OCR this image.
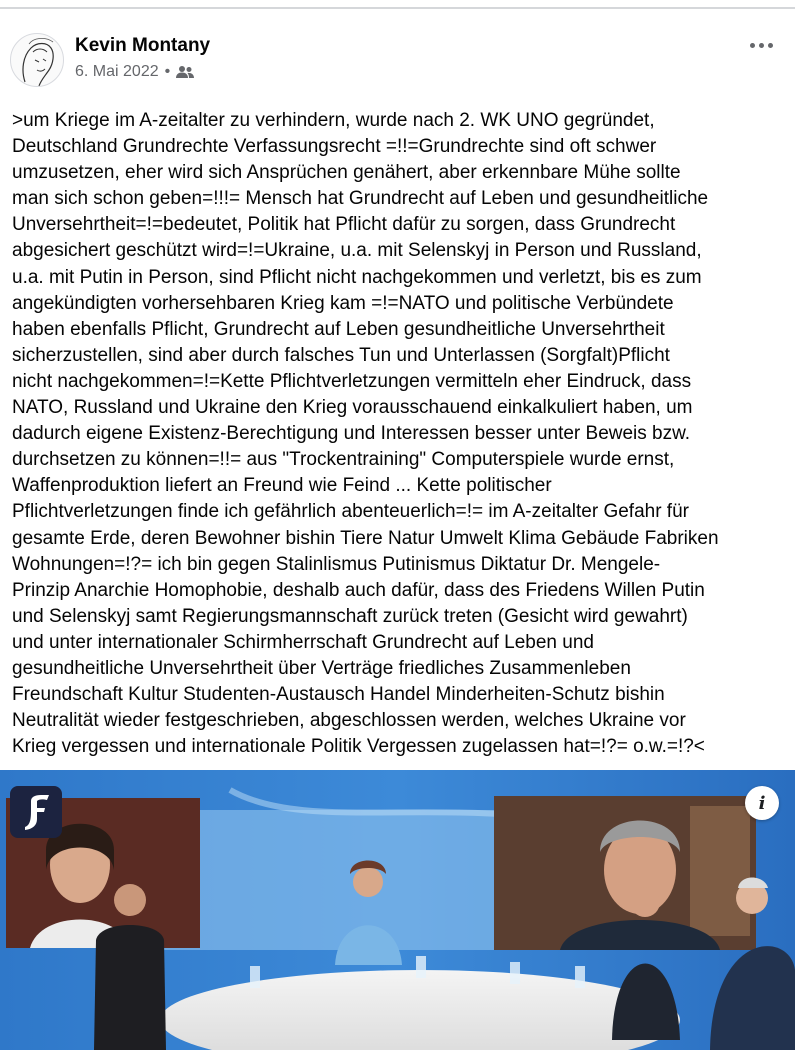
Kevin Montany
6. Mai 2022 •
>um Kriege im A-zeitalter zu verhindern, wurde nach 2. WK UNO gegründet,
Deutschland Grundrechte Verfassungsrecht =!!=Grundrechte sind oft schwer
umzusetzen, eher wird sich Ansprüchen genähert, aber erkennbare Mühe sollte
man sich schon geben=!!!= Mensch hat Grundrecht auf Leben und gesundheitliche
Unversehrtheit=!=bedeutet, Politik hat Pflicht dafür zu sorgen, dass Grundrecht
abgesichert geschützt wird=!=Ukraine, u.a. mit Selenskyj in Person und Russland,
u.a. mit Putin in Person, sind Pflicht nicht nachgekommen und verletzt, bis es zum
angekündigten vorhersehbaren Krieg kam =!=NATO und politische Verbündete
haben ebenfalls Pflicht, Grundrecht auf Leben gesundheitliche Unversehrtheit
sicherzustellen, sind aber durch falsches Tun und Unterlassen (Sorgfalt)Pflicht
nicht nachgekommen=!=Kette Pflichtverletzungen vermitteln eher Eindruck, dass
NATO, Russland und Ukraine den Krieg vorausschauend einkalkuliert haben, um
dadurch eigene Existenz-Berechtigung und Interessen besser unter Beweis bzw.
durchsetzen zu können=!!= aus "Trockentraining" Computerspiele wurde ernst,
Waffenproduktion liefert an Freund wie Feind ... Kette politischer
Pflichtverletzungen finde ich gefährlich abenteuerlich=!= im A-zeitalter Gefahr für
gesamte Erde, deren Bewohner bishin Tiere Natur Umwelt Klima Gebäude Fabriken
Wohnungen=!?= ich bin gegen Stalinlismus Putinismus Diktatur Dr. Mengele-
Prinzip Anarchie Homophobie, deshalb auch dafür, dass des Friedens Willen Putin
und Selenskyj samt Regierungsmannschaft zurück treten (Gesicht wird gewahrt)
und unter internationaler Schirmherrschaft Grundrecht auf Leben und
gesundheitliche Unversehrtheit über Verträge friedliches Zusammenleben
Freundschaft Kultur Studenten-Austausch Handel Minderheiten-Schutz bishin
Neutralität wieder festgeschrieben, abgeschlossen werden, welches Ukraine vor
Krieg vergessen und internationale Politik Vergessen zugelassen hat=!?= o.w.=!?<
i
